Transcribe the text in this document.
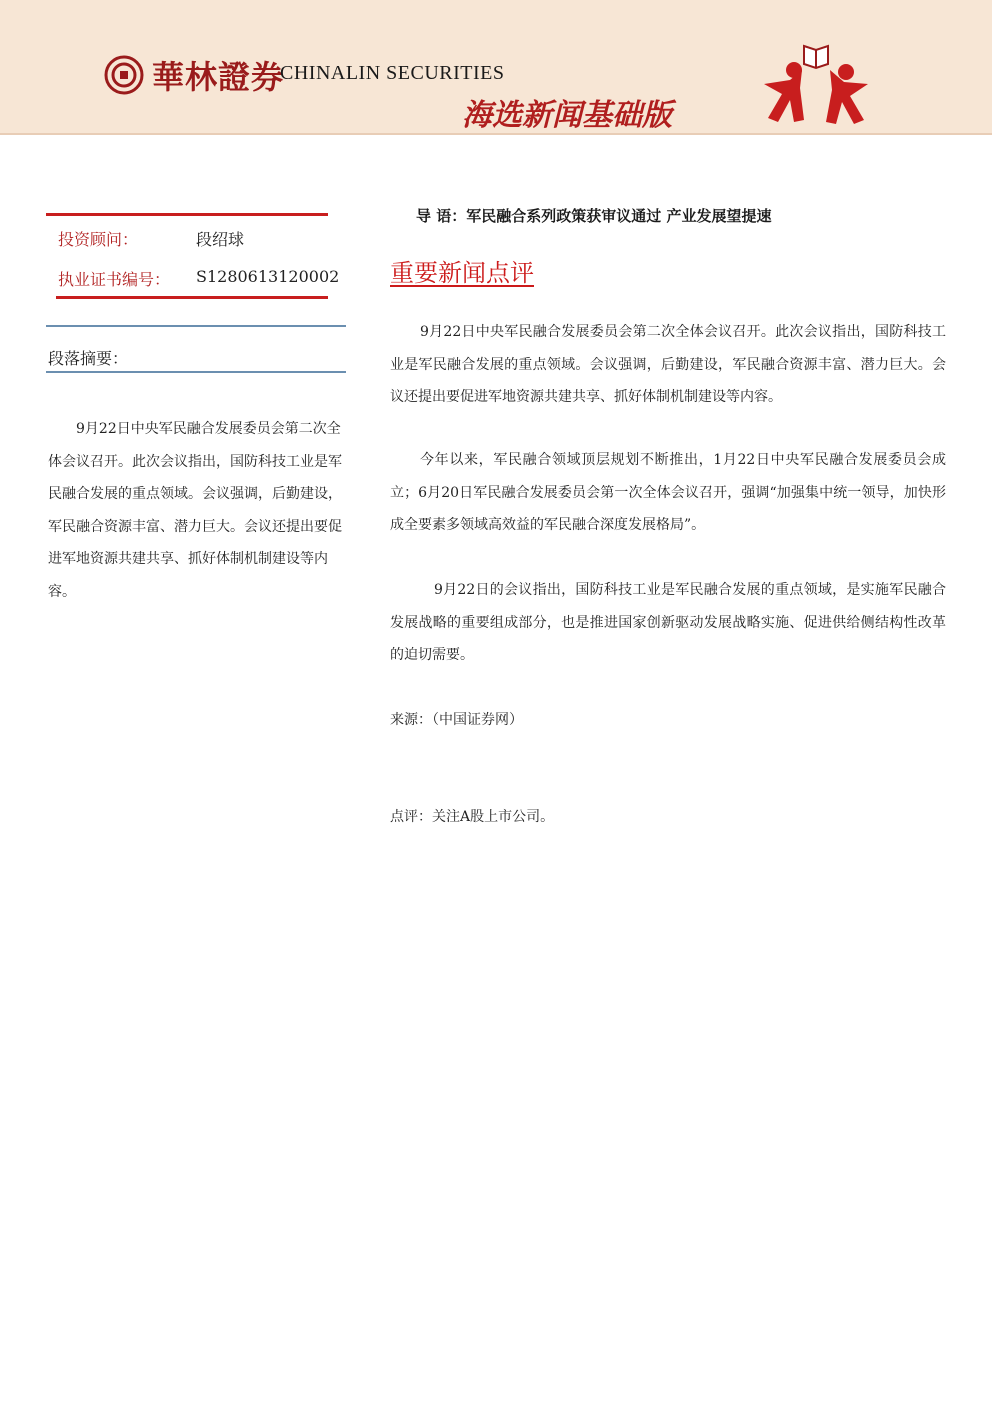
華林證券
CHINALIN SECURITIES
海选新闻基础版
投资顾问：	段绍球
执业证书编号： S1280613120002
段落摘要：
9月22日中央军民融合发展委员会第二次全体会议召开。此次会议指出，国防科技工业是军民融合发展的重点领域。会议强调，后勤建设，军民融合资源丰富、潜力巨大。会议还提出要促进军地资源共建共享、抓好体制机制建设等内容。
导 语：军民融合系列政策获审议通过 产业发展望提速
重要新闻点评
9月22日中央军民融合发展委员会第二次全体会议召开。此次会议指出，国防科技工业是军民融合发展的重点领域。会议强调，后勤建设，军民融合资源丰富、潜力巨大。会议还提出要促进军地资源共建共享、抓好体制机制建设等内容。
今年以来，军民融合领域顶层规划不断推出，1月22日中央军民融合发展委员会成立；6月20日军民融合发展委员会第一次全体会议召开，强调“加强集中统一领导，加快形成全要素多领域高效益的军民融合深度发展格局”。
9月22日的会议指出，国防科技工业是军民融合发展的重点领域，是实施军民融合发展战略的重要组成部分，也是推进国家创新驱动发展战略实施、促进供给侧结构性改革的迫切需要。
来源：（中国证券网）
点评：关注A股上市公司。
